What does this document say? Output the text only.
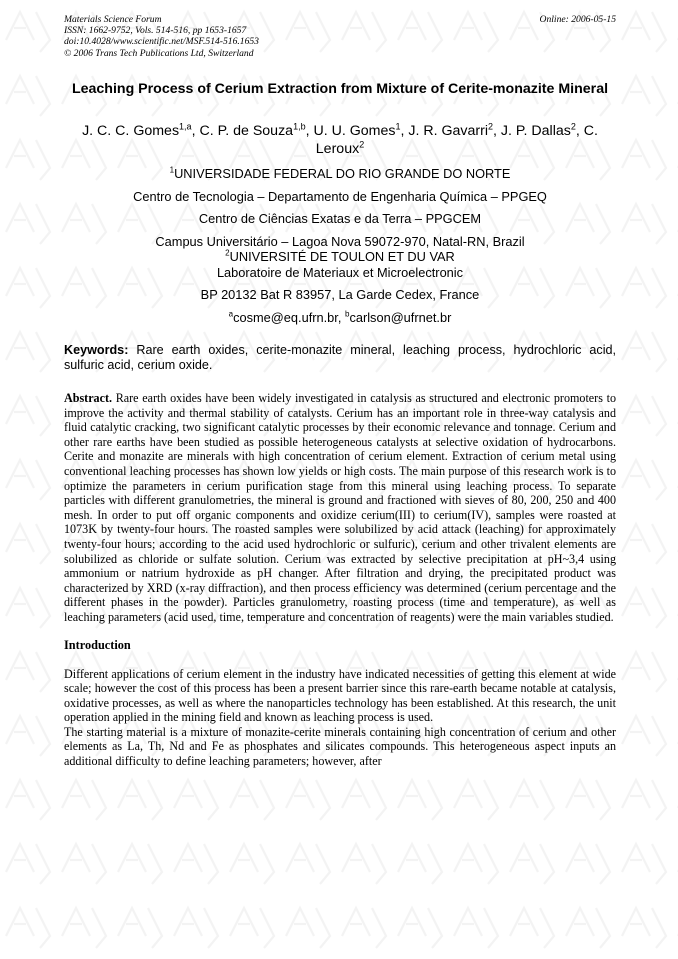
Materials Science Forum	Online: 2006-05-15
ISSN: 1662-9752, Vols. 514-516, pp 1653-1657
doi:10.4028/www.scientific.net/MSF.514-516.1653
© 2006 Trans Tech Publications Ltd, Switzerland
Leaching Process of Cerium Extraction from Mixture of Cerite-monazite Mineral
J. C. C. Gomes$^{1,a}$, C. P. de Souza$^{1,b}$, U. U. Gomes$^1$, J. R. Gavarri$^2$, J. P. Dallas$^2$, C. Leroux$^2$
$^1$UNIVERSIDADE FEDERAL DO RIO GRANDE DO NORTE
Centro de Tecnologia – Departamento de Engenharia Química – PPGEQ
Centro de Ciências Exatas e da Terra – PPGCEM
Campus Universitário – Lagoa Nova 59072-970, Natal-RN, Brazil
$^2$UNIVERSITÉ DE TOULON ET DU VAR
Laboratoire de Materiaux et Microelectronic
BP 20132 Bat R 83957, La Garde Cedex, France
$^a$cosme@eq.ufrn.br, $^b$carlson@ufrnet.br
Keywords: Rare earth oxides, cerite-monazite mineral, leaching process, hydrochloric acid, sulfuric acid, cerium oxide.
Abstract. Rare earth oxides have been widely investigated in catalysis as structured and electronic promoters to improve the activity and thermal stability of catalysts. Cerium has an important role in three-way catalysis and fluid catalytic cracking, two significant catalytic processes by their economic relevance and tonnage. Cerium and other rare earths have been studied as possible heterogeneous catalysts at selective oxidation of hydrocarbons. Cerite and monazite are minerals with high concentration of cerium element. Extraction of cerium metal using conventional leaching processes has shown low yields or high costs. The main purpose of this research work is to optimize the parameters in cerium purification stage from this mineral using leaching process. To separate particles with different granulometries, the mineral is ground and fractioned with sieves of 80, 200, 250 and 400 mesh. In order to put off organic components and oxidize cerium(III) to cerium(IV), samples were roasted at 1073K by twenty-four hours. The roasted samples were solubilized by acid attack (leaching) for approximately twenty-four hours; according to the acid used hydrochloric or sulfuric), cerium and other trivalent elements are solubilized as chloride or sulfate solution. Cerium was extracted by selective precipitation at pH~3,4 using ammonium or natrium hydroxide as pH changer. After filtration and drying, the precipitated product was characterized by XRD (x-ray diffraction), and then process efficiency was determined (cerium percentage and the different phases in the powder). Particles granulometry, roasting process (time and temperature), as well as leaching parameters (acid used, time, temperature and concentration of reagents) were the main variables studied.
Introduction

Different applications of cerium element in the industry have indicated necessities of getting this element at wide scale; however the cost of this process has been a present barrier since this rare-earth became notable at catalysis, oxidative processes, as well as where the nanoparticles technology has been established. At this research, the unit operation applied in the mining field and known as leaching process is used.

The starting material is a mixture of monazite-cerite minerals containing high concentration of cerium and other elements as La, Th, Nd and Fe as phosphates and silicates compounds. This heterogeneous aspect inputs an additional difficulty to define leaching parameters; however, after
